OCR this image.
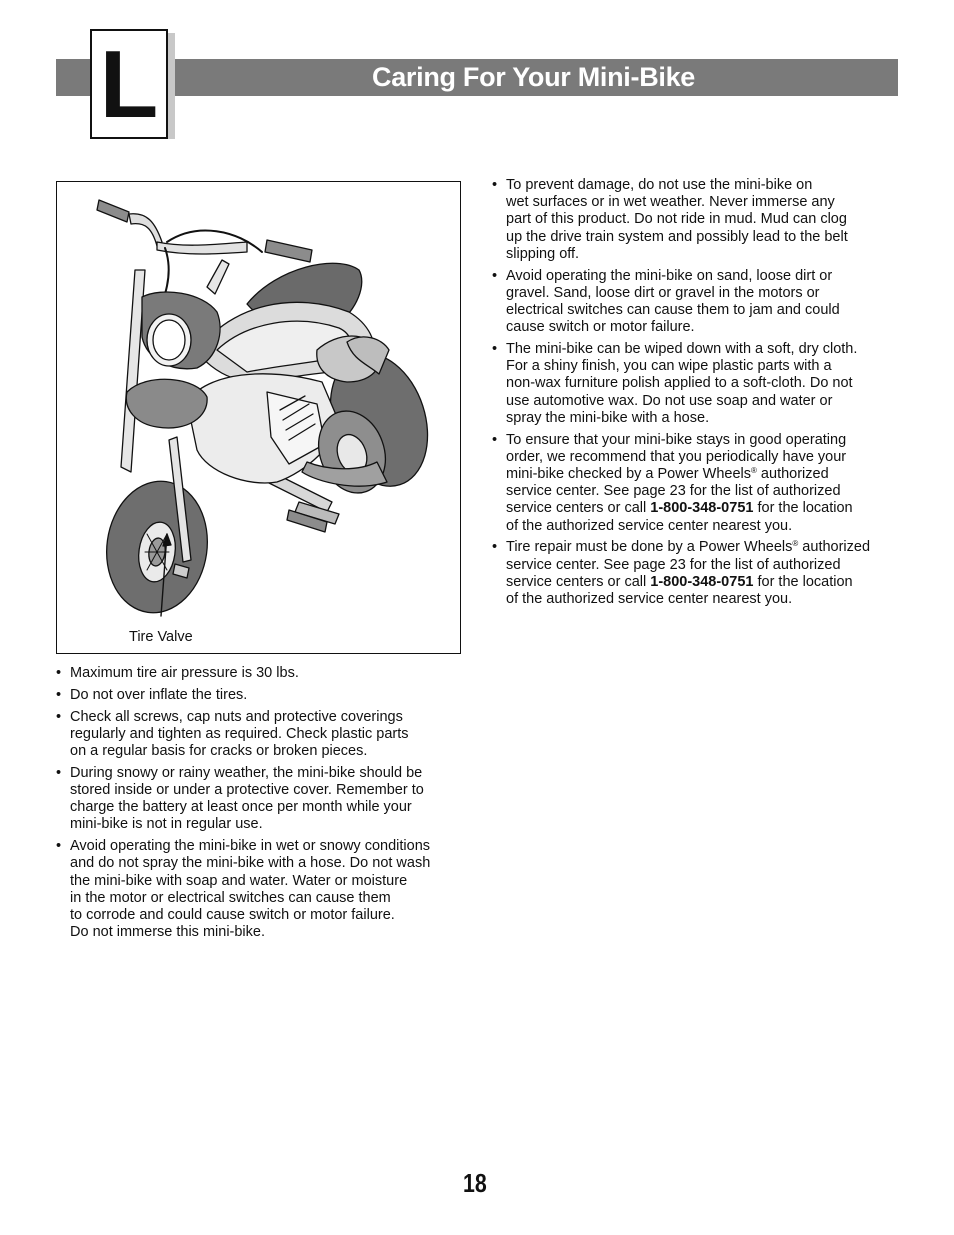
Caring For Your Mini-Bike
L
Tire Valve
• Maximum tire air pressure is 30 lbs.
• Do not over inflate the tires.
• Check all screws, cap nuts and protective coverings
regularly and tighten as required. Check plastic parts
on a regular basis for cracks or broken pieces.
• During snowy or rainy weather, the mini-bike should be
stored inside or under a protective cover. Remember to
charge the battery at least once per month while your
mini-bike is not in regular use.
• Avoid operating the mini-bike in wet or snowy conditions
and do not spray the mini-bike with a hose. Do not wash
the mini-bike with soap and water. Water or moisture
in the motor or electrical switches can cause them
to corrode and could cause switch or motor failure.
Do not immerse this mini-bike.
• To prevent damage, do not use the mini-bike on
wet surfaces or in wet weather. Never immerse any
part of this product. Do not ride in mud. Mud can clog
up the drive train system and possibly lead to the belt
slipping off.
• Avoid operating the mini-bike on sand, loose dirt or
gravel. Sand, loose dirt or gravel in the motors or
electrical switches can cause them to jam and could
cause switch or motor failure.
• The mini-bike can be wiped down with a soft, dry cloth.
For a shiny finish, you can wipe plastic parts with a
non-wax furniture polish applied to a soft-cloth. Do not
use automotive wax. Do not use soap and water or
spray the mini-bike with a hose.
• To ensure that your mini-bike stays in good operating
order, we recommend that you periodically have your
mini-bike checked by a Power Wheels® authorized
service center. See page 23 for the list of authorized
service centers or call 1-800-348-0751 for the location
of the authorized service center nearest you.
• Tire repair must be done by a Power Wheels® authorized
service center. See page 23 for the list of authorized
service centers or call 1-800-348-0751 for the location
of the authorized service center nearest you.
18
